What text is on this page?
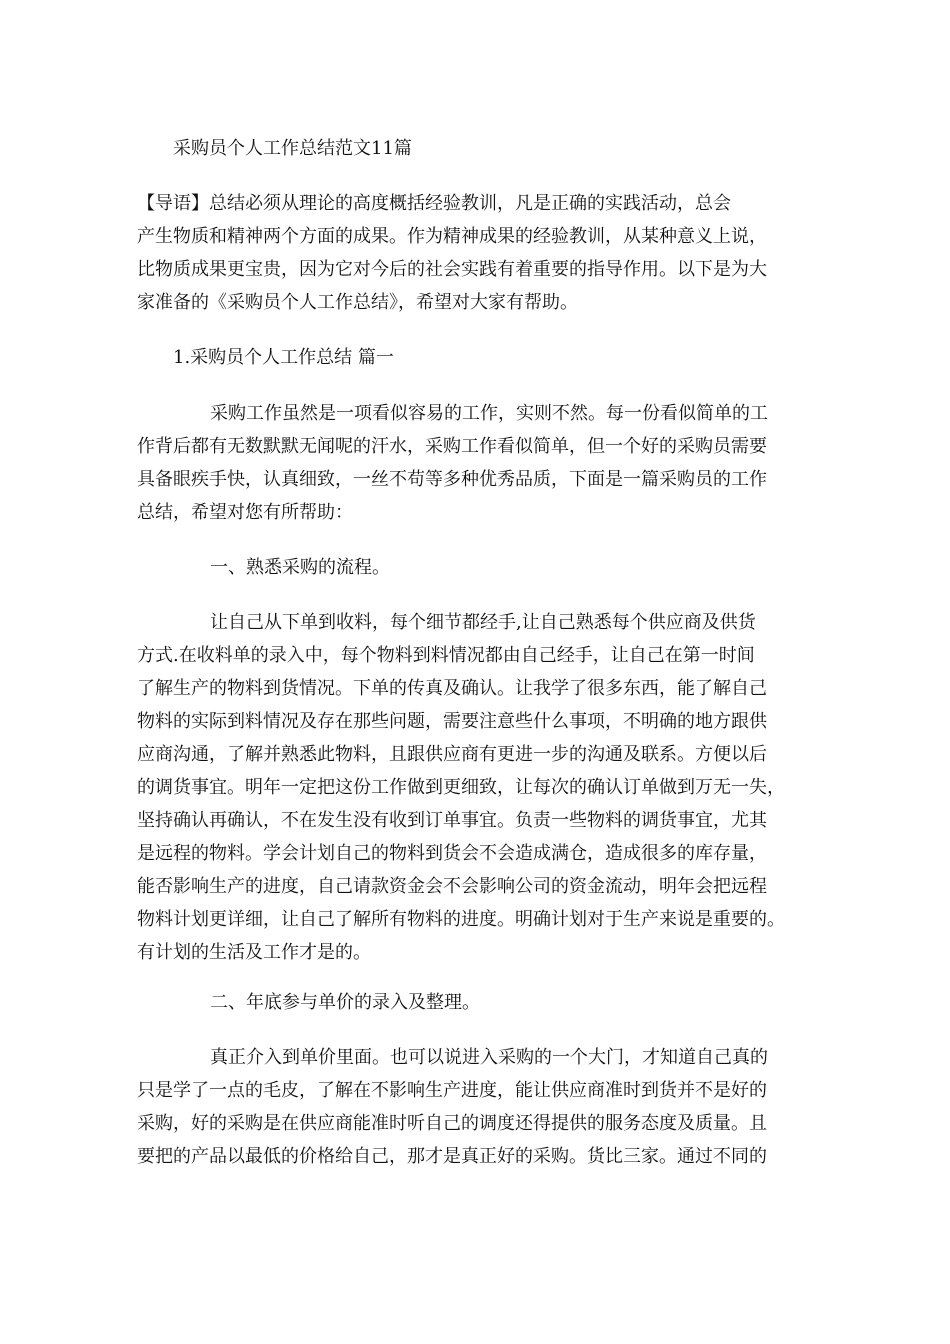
采购员个人工作总结范文11篇
【导语】总结必须从理论的高度概括经验教训，凡是正确的实践活动，总会
产生物质和精神两个方面的成果。作为精神成果的经验教训，从某种意义上说，
比物质成果更宝贵，因为它对今后的社会实践有着重要的指导作用。以下是为大
家准备的《采购员个人工作总结》，希望对大家有帮助。
1.采购员个人工作总结 篇一
采购工作虽然是一项看似容易的工作，实则不然。每一份看似简单的工
作背后都有无数默默无闻呢的汗水，采购工作看似简单，但一个好的采购员需要
具备眼疾手快，认真细致，一丝不苟等多种优秀品质，下面是一篇采购员的工作
总结，希望对您有所帮助：
一、熟悉采购的流程。
让自己从下单到收料，每个细节都经手,让自己熟悉每个供应商及供货
方式.在收料单的录入中，每个物料到料情况都由自己经手，让自己在第一时间
了解生产的物料到货情况。下单的传真及确认。让我学了很多东西，能了解自己
物料的实际到料情况及存在那些问题，需要注意些什么事项，不明确的地方跟供
应商沟通，了解并熟悉此物料，且跟供应商有更进一步的沟通及联系。方便以后
的调货事宜。明年一定把这份工作做到更细致，让每次的确认订单做到万无一失，
坚持确认再确认，不在发生没有收到订单事宜。负责一些物料的调货事宜，尤其
是远程的物料。学会计划自己的物料到货会不会造成满仓，造成很多的库存量，
能否影响生产的进度，自己请款资金会不会影响公司的资金流动，明年会把远程
物料计划更详细，让自己了解所有物料的进度。明确计划对于生产来说是重要的。
有计划的生活及工作才是的。
二、年底参与单价的录入及整理。
真正介入到单价里面。也可以说进入采购的一个大门，才知道自己真的
只是学了一点的毛皮，了解在不影响生产进度，能让供应商准时到货并不是好的
采购，好的采购是在供应商能准时听自己的调度还得提供的服务态度及质量。且
要把的产品以最低的价格给自己，那才是真正好的采购。货比三家。通过不同的
